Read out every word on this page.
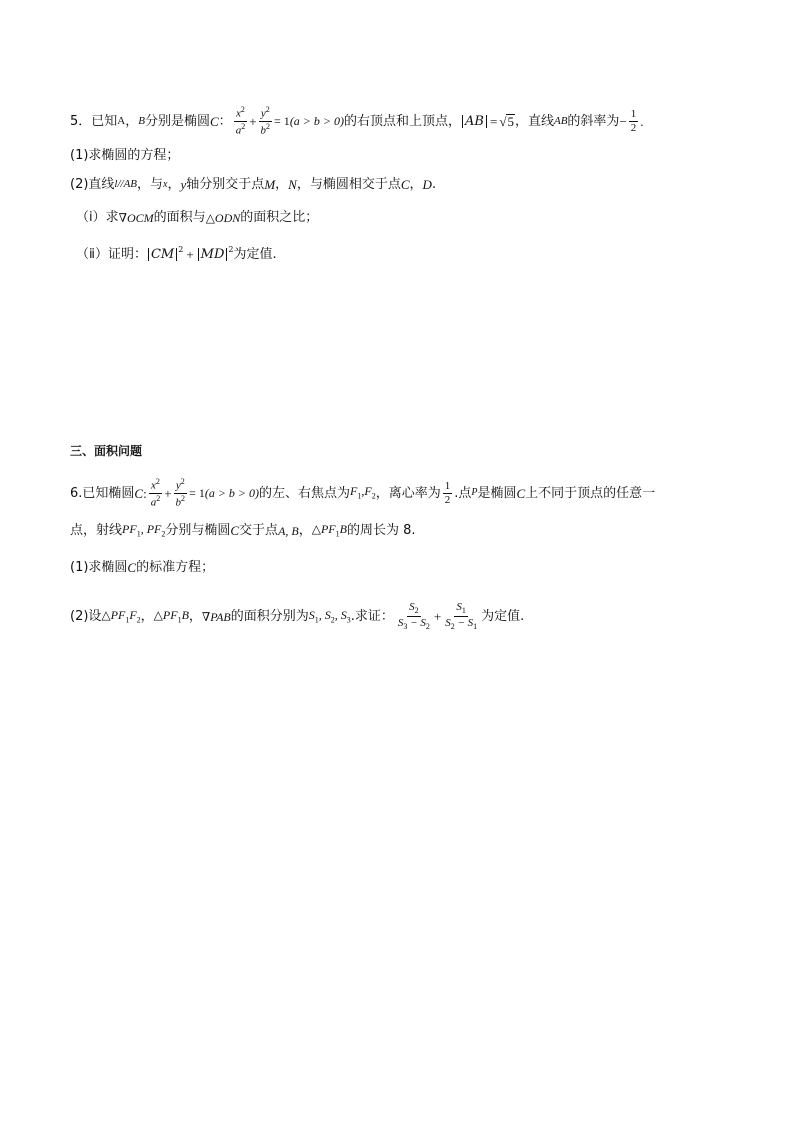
5．已知 A ， B 分别是椭圆 C ： $\frac{x^2}{a^2} + \frac{y^2}{b^2} = 1$ (a > b > 0) 的右顶点和上顶点， AB = √ 5 ，直线 AB 的斜率为 − $\frac{1}{2}$ .
(1)求椭圆的方程；
(2)直线 l//AB ，与 x ， y 轴分别交于点 M ， N ，与椭圆相交于点 C ， D .
（i）求 ∇OCM 的面积与 △ODN 的面积之比；
（ⅱ）证明： CM 2 + MD 2 为定值.
三、面积问题
6.已知椭圆 C : $\frac{x^2}{a^2} + \frac{y^2}{b^2} = 1$ (a > b > 0) 的左、右焦点为 $F_1,F_2$ ，离心率为 $\frac{1}{2}$ .点 P 是椭圆 C 上不同于顶点的任意一
点，射线 $PF_1$, $PF_2$ 分别与椭圆 C 交于点 A, B ， $\triangle PF_1B$ 的周长为 8.
(1)求椭圆 C 的标准方程；
(2)设 $\triangle PF_1F_2$ ， $\triangle PF_1B$ ， ∇PAB 的面积分别为 $S_1$, $S_2$, $S_3$ .求证： $\frac{S_2}{S_3 - S_2} + \frac{S_1}{S_2 - S_1}$ 为定值.
